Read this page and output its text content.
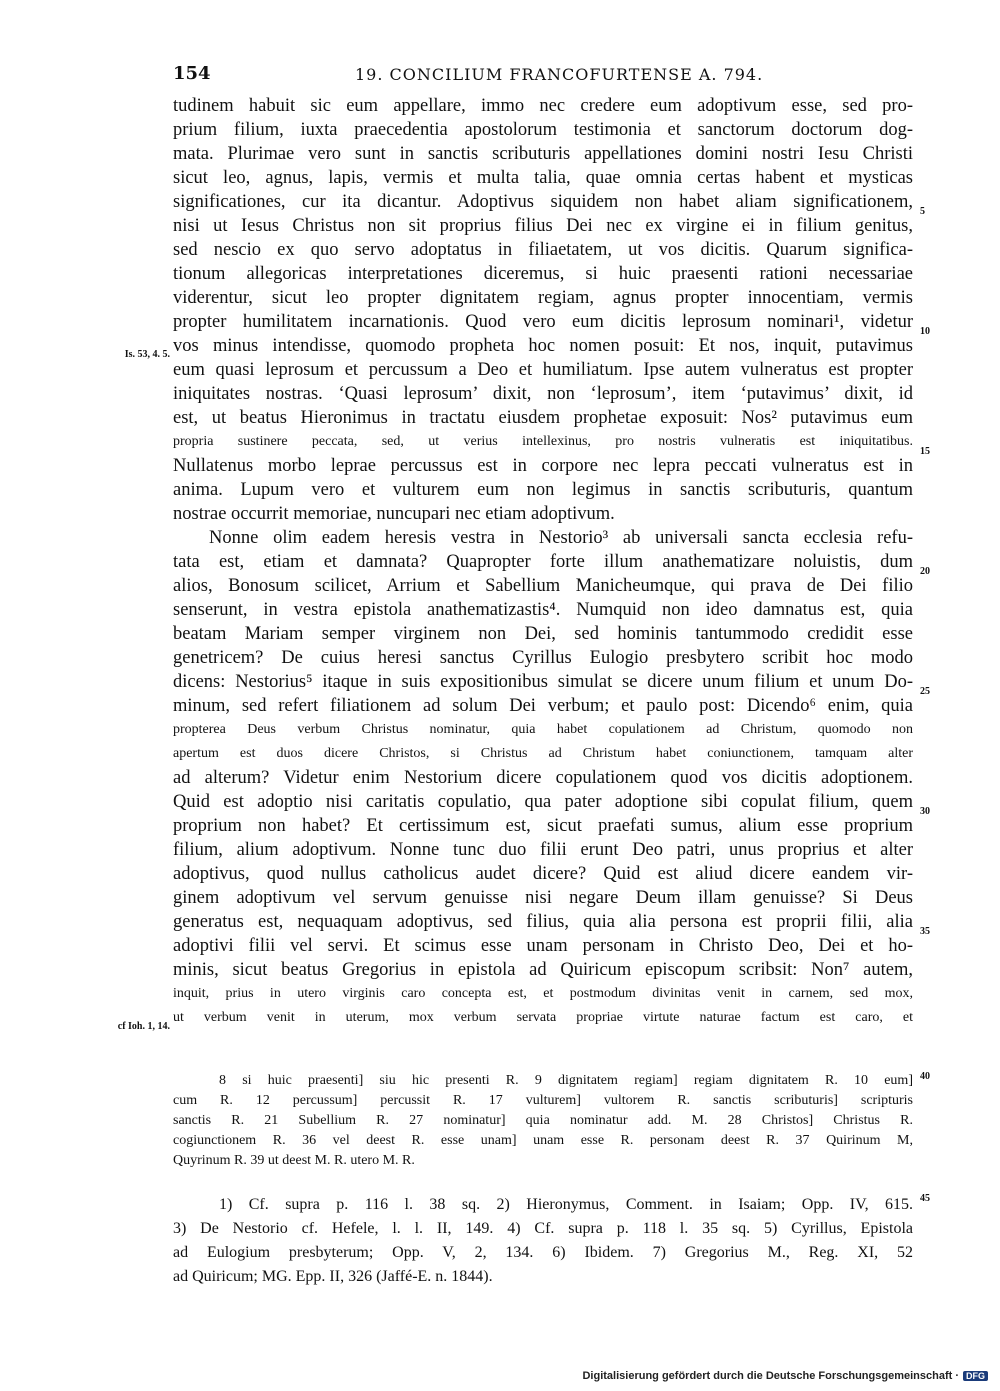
154	19. CONCILIUM FRANCOFURTENSE A. 794.
tudinem habuit sic eum appellare, immo nec credere eum adoptivum esse, sed pro-
prium filium, iuxta praecedentia apostolorum testimonia et sanctorum doctorum dog-
mata. Plurimae vero sunt in sanctis scributuris appellationes domini nostri Iesu Christi
sicut leo, agnus, lapis, vermis et multa talia, quae omnia certas habent et mysticas
significationes, cur ita dicantur. Adoptivus siquidem non habet aliam significationem,
nisi ut Iesus Christus non sit proprius filius Dei nec ex virgine ei in filium genitus,
sed nescio ex quo servo adoptatus in filiaetatem, ut vos dicitis. Quarum significa-
tionum allegoricas interpretationes diceremus, si huic praesenti rationi necessariae
viderentur, sicut leo propter dignitatem regiam, agnus propter innocentiam, vermis
propter humilitatem incarnationis. Quod vero eum dicitis leprosum nominari¹, videtur
vos minus intendisse, quomodo propheta hoc nomen posuit: Et nos, inquit, putavimus
eum quasi leprosum et percussum a Deo et humiliatum. Ipse autem vulneratus est propter
iniquitates nostras. ‘Quasi leprosum’ dixit, non ‘leprosum’, item ‘putavimus’ dixit, id
est, ut beatus Hieronimus in tractatu eiusdem prophetae exposuit: Nos² putavimus eum
propria sustinere peccata, sed, ut verius intellexinus, pro nostris vulneratis est iniquitatibus.
Nullatenus morbo leprae percussus est in corpore nec lepra peccati vulneratus est in
anima. Lupum vero et vulturem eum non legimus in sanctis scributuris, quantum
nostrae occurrit memoriae, nuncupari nec etiam adoptivum.
Nonne olim eadem heresis vestra in Nestorio³ ab universali sancta ecclesia refu-
tata est, etiam et damnata? Quapropter forte illum anathematizare noluistis, dum
alios, Bonosum scilicet, Arrium et Sabellium Manicheumque, qui prava de Dei filio
senserunt, in vestra epistola anathematizastis⁴. Numquid non ideo damnatus est, quia
beatam Mariam semper virginem non Dei, sed hominis tantummodo credidit esse
genetricem? De cuius heresi sanctus Cyrillus Eulogio presbytero scribit hoc modo
dicens: Nestorius⁵ itaque in suis expositionibus simulat se dicere unum filium et unum Do-
minum, sed refert filiationem ad solum Dei verbum; et paulo post: Dicendo⁶ enim, quia
propterea Deus verbum Christus nominatur, quia habet copulationem ad Christum, quomodo non
apertum est duos dicere Christos, si Christus ad Christum habet coniunctionem, tamquam alter
ad alterum? Videtur enim Nestorium dicere copulationem quod vos dicitis adoptionem.
Quid est adoptio nisi caritatis copulatio, qua pater adoptione sibi copulat filium, quem
proprium non habet? Et certissimum est, sicut praefati sumus, alium esse proprium
filium, alium adoptivum. Nonne tunc duo filii erunt Deo patri, unus proprius et alter
adoptivus, quod nullus catholicus audet dicere? Quid est aliud dicere eandem vir-
ginem adoptivum vel servum genuisse nisi negare Deum illam genuisse? Si Deus
generatus est, nequaquam adoptivus, sed filius, quia alia persona est proprii filii, alia
adoptivi filii vel servi. Et scimus esse unam personam in Christo Deo, Dei et ho-
minis, sicut beatus Gregorius in epistola ad Quiricum episcopum scribsit: Non⁷ autem,
inquit, prius in utero virginis caro concepta est, et postmodum divinitas venit in carnem, sed mox,
ut verbum venit in uterum, mox verbum servata propriae virtute naturae factum est caro, et
5
10
15
20
25
30
35
40
45
Is. 53, 4. 5.
cf Ioh. 1, 14.
8 si huic praesenti] siu hic presenti R. 9 dignitatem regiam] regiam dignitatem R. 10 eum]
cum R. 12 percussum] percussit R. 17 vulturem] vultorem R. sanctis scributuris] scripturis
sanctis R. 21 Subellium R. 27 nominatur] quia nominatur add. M. 28 Christos] Christus R.
cogiunctionem R. 36 vel deest R. esse unam] unam esse R. personam deest R. 37 Quirinum M,
Quyrinum R. 39 ut deest M. R. utero M. R.
1) Cf. supra p. 116 l. 38 sq. 2) Hieronymus, Comment. in Isaiam; Opp. IV, 615.
3) De Nestorio cf. Hefele, l. l. II, 149. 4) Cf. supra p. 118 l. 35 sq. 5) Cyrillus, Epistola
ad Eulogium presbyterum; Opp. V, 2, 134. 6) Ibidem. 7) Gregorius M., Reg. XI, 52
ad Quiricum; MG. Epp. II, 326 (Jaffé-E. n. 1844).
Digitalisierung gefördert durch die Deutsche Forschungsgemeinschaft · DFG
